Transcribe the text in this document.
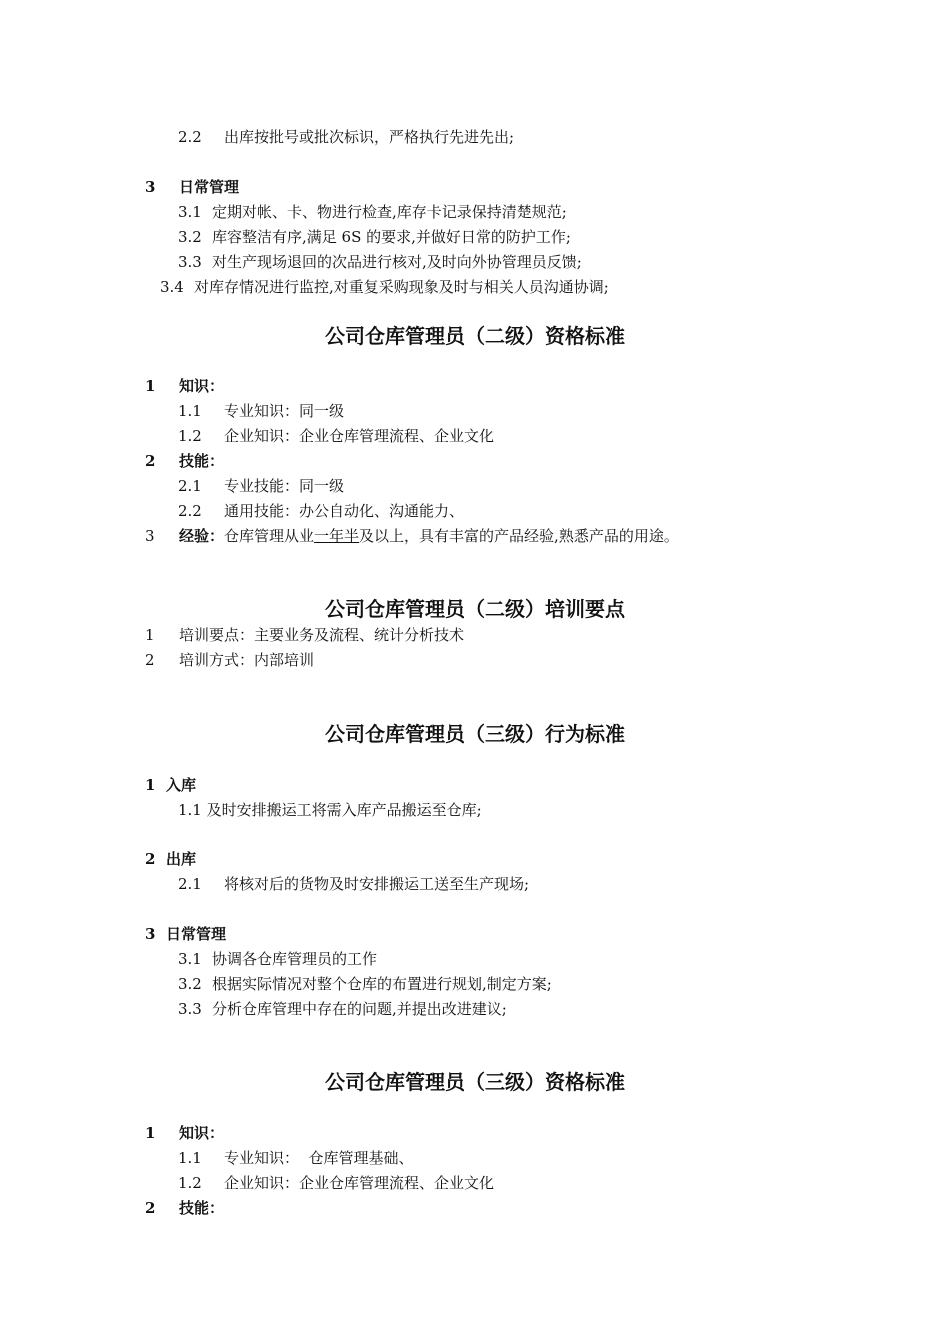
2.2 出库按批号或批次标识，严格执行先进先出;
3 日常管理
3.1 定期对帐、卡、物进行检查,库存卡记录保持清楚规范;
3.2 库容整洁有序,满足 6S 的要求,并做好日常的防护工作;
3.3 对生产现场退回的次品进行核对,及时向外协管理员反馈;
3.4 对库存情况进行监控,对重复采购现象及时与相关人员沟通协调;
公司仓库管理员（二级）资格标准
1 知识：
1.1 专业知识：同一级
1.2 企业知识：企业仓库管理流程、企业文化
2 技能：
2.1 专业技能：同一级
2.2 通用技能：办公自动化、沟通能力、
3 经验：仓库管理从业一年半及以上，具有丰富的产品经验,熟悉产品的用途。
公司仓库管理员（二级）培训要点
1 培训要点：主要业务及流程、统计分析技术
2 培训方式：内部培训
公司仓库管理员（三级）行为标准
1 入库
1.1 及时安排搬运工将需入库产品搬运至仓库;
2 出库
2.1 将核对后的货物及时安排搬运工送至生产现场;
3 日常管理
3.1 协调各仓库管理员的工作
3.2 根据实际情况对整个仓库的布置进行规划,制定方案;
3.3 分析仓库管理中存在的问题,并提出改进建议;
公司仓库管理员（三级）资格标准
1 知识：
1.1 专业知识：  仓库管理基础、
1.2 企业知识：企业仓库管理流程、企业文化
2 技能：
